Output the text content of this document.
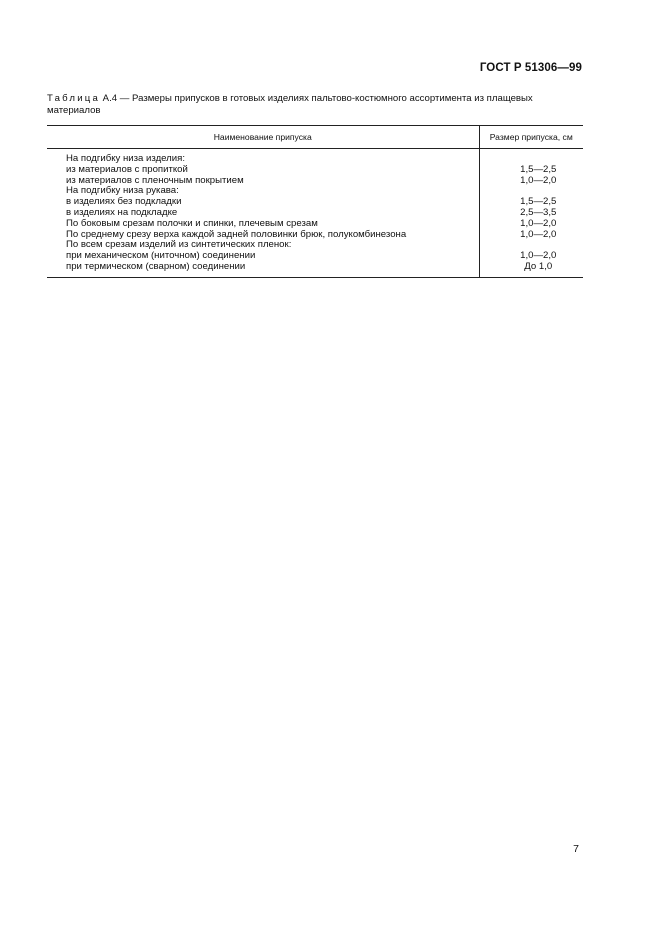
ГОСТ Р 51306—99
Таблица А.4 — Размеры припусков в готовых изделиях пальтово-костюмного ассортимента из плащевых материалов
Наименование припуска	Размер припуска, см

На подгибку низа изделия:	
из материалов с пропиткой	1,5—2,5
из материалов с пленочным покрытием	1,0—2,0
На подгибку низа рукава:	
в изделиях без подкладки	1,5—2,5
в изделиях на подкладке	2,5—3,5
По боковым срезам полочки и спинки, плечевым срезам	1,0—2,0
По среднему срезу верха каждой задней половинки брюк, полукомбинезона	1,0—2,0
По всем срезам изделий из синтетических пленок:	
при механическом (ниточном) соединении	1,0—2,0
при термическом (сварном) соединении	До 1,0

7
